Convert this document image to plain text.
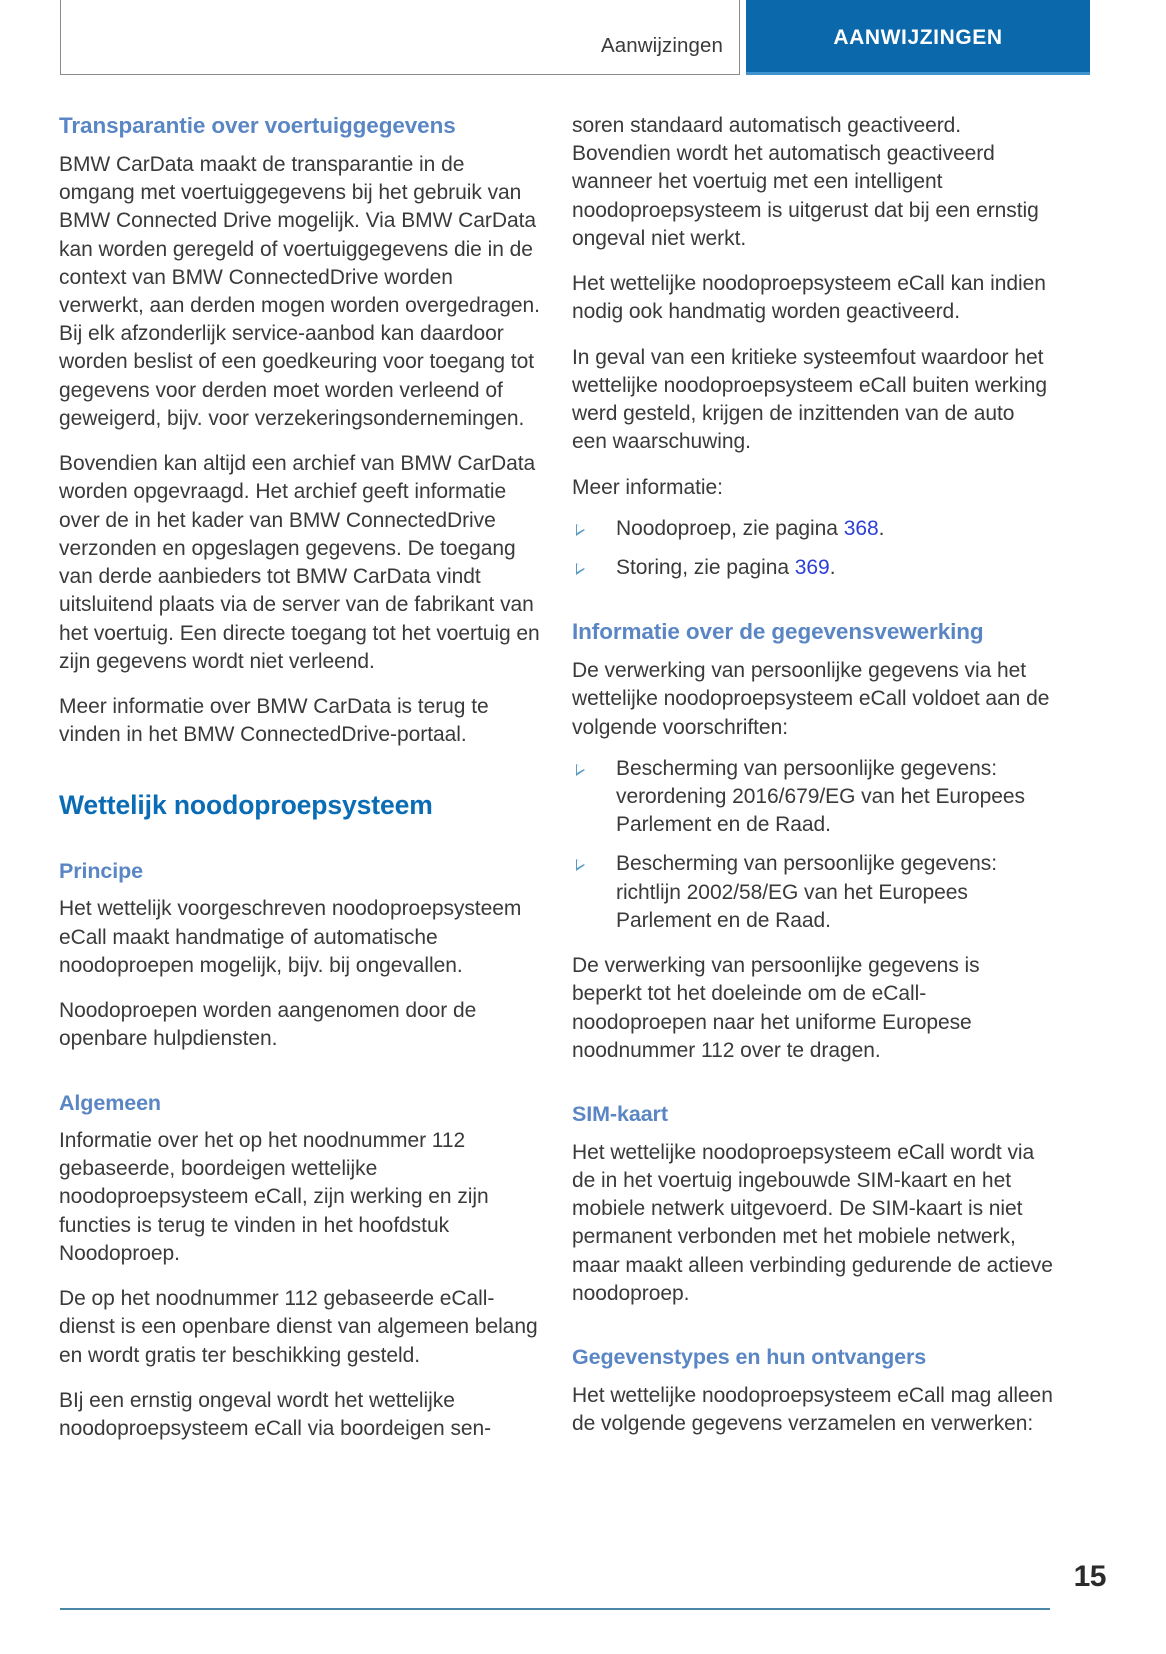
Aanwijzingen	AANWIJZINGEN
Transparantie over voertuiggegevens

BMW CarData maakt de transparantie in de omgang met voertuiggegevens bij het gebruik van BMW Connected Drive mogelijk. Via BMW CarData kan worden geregeld of voertuiggegevens die in de context van BMW ConnectedDrive worden verwerkt, aan derden mogen worden overgedragen. Bij elk afzonderlijk service-aanbod kan daardoor worden beslist of een goedkeuring voor toegang tot gegevens voor derden moet worden verleend of geweigerd, bijv. voor verzekeringsondernemingen.

Bovendien kan altijd een archief van BMW CarData worden opgevraagd. Het archief geeft informatie over de in het kader van BMW ConnectedDrive verzonden en opgeslagen gegevens. De toegang van derde aanbieders tot BMW CarData vindt uitsluitend plaats via de server van de fabrikant van het voertuig. Een directe toegang tot het voertuig en zijn gegevens wordt niet verleend.

Meer informatie over BMW CarData is terug te vinden in het BMW ConnectedDrive-portaal.

Wettelijk noodoproepsysteem
Principe

Het wettelijk voorgeschreven noodoproepsysteem eCall maakt handmatige of automatische noodoproepen mogelijk, bijv. bij ongevallen.

Noodoproepen worden aangenomen door de openbare hulpdiensten.

Algemeen

Informatie over het op het noodnummer 112 gebaseerde, boordeigen wettelijke noodoproepsysteem eCall, zijn werking en zijn functies is terug te vinden in het hoofdstuk Noodoproep.

De op het noodnummer 112 gebaseerde eCall-dienst is een openbare dienst van algemeen belang en wordt gratis ter beschikking gesteld.

BIj een ernstig ongeval wordt het wettelijke noodoproepsysteem eCall via boordeigen sen-

soren standaard automatisch geactiveerd. Bovendien wordt het automatisch geactiveerd wanneer het voertuig met een intelligent noodoproepsysteem is uitgerust dat bij een ernstig ongeval niet werkt.

Het wettelijke noodoproepsysteem eCall kan indien nodig ook handmatig worden geactiveerd.

In geval van een kritieke systeemfout waardoor het wettelijke noodoproepsysteem eCall buiten werking werd gesteld, krijgen de inzittenden van de auto een waarschuwing.

Meer informatie:

Noodoproep, zie pagina 368.
Storing, zie pagina 369.
Informatie over de gegevensvewerking

De verwerking van persoonlijke gegevens via het wettelijke noodoproepsysteem eCall voldoet aan de volgende voorschriften:

Bescherming van persoonlijke gegevens: verordening 2016/679/EG van het Europees Parlement en de Raad.
Bescherming van persoonlijke gegevens: richtlijn 2002/58/EG van het Europees Parlement en de Raad.

De verwerking van persoonlijke gegevens is beperkt tot het doeleinde om de eCall-noodoproepen naar het uniforme Europese noodnummer 112 over te dragen.

SIM-kaart

Het wettelijke noodoproepsysteem eCall wordt via de in het voertuig ingebouwde SIM-kaart en het mobiele netwerk uitgevoerd. De SIM-kaart is niet permanent verbonden met het mobiele netwerk, maar maakt alleen verbinding gedurende de actieve noodoproep.

Gegevenstypes en hun ontvangers

Het wettelijke noodoproepsysteem eCall mag alleen de volgende gegevens verzamelen en verwerken:

15
